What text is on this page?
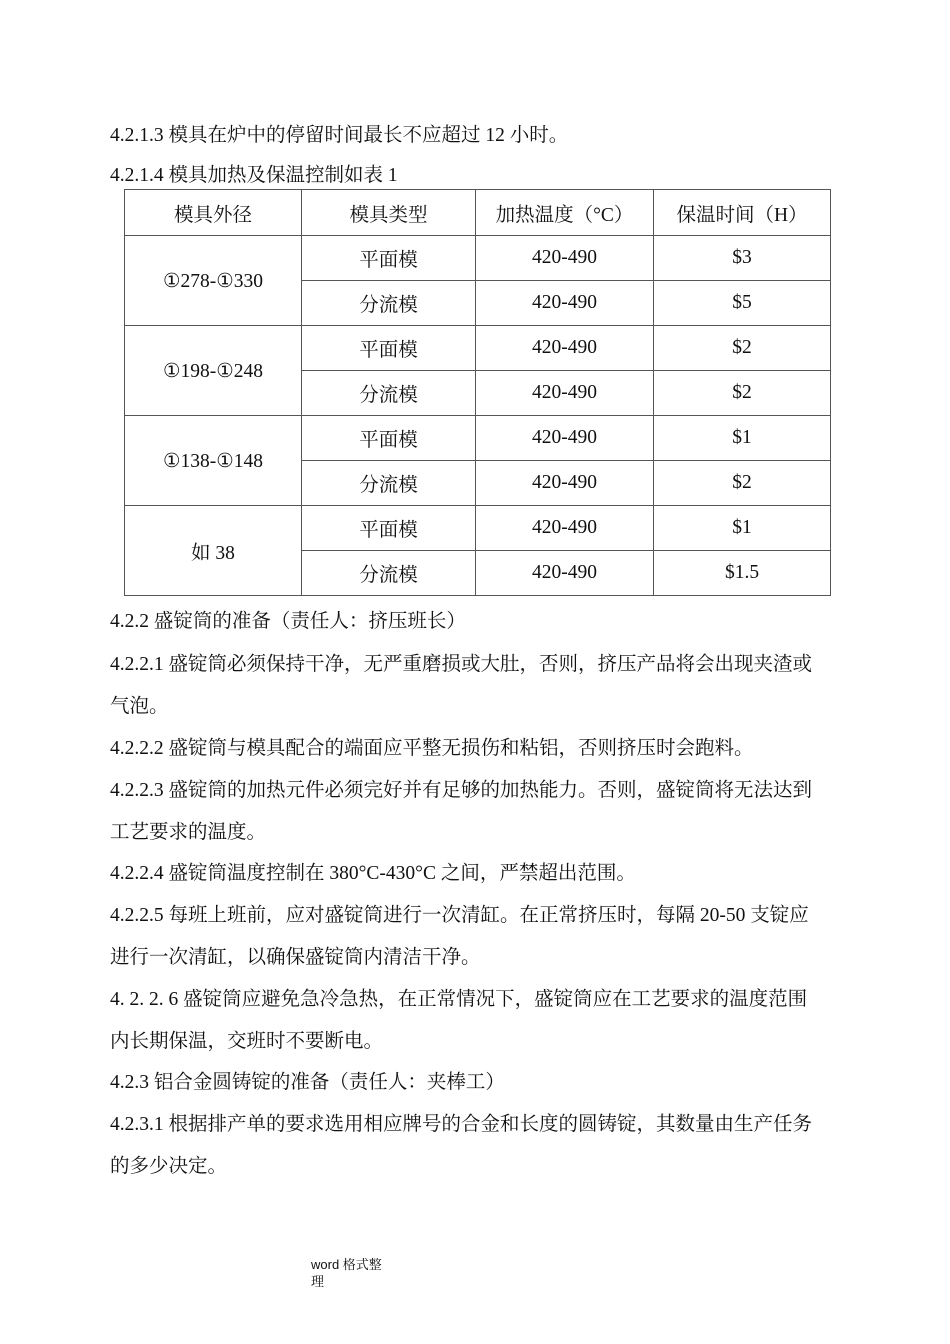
4.2.1.3 模具在炉中的停留时间最长不应超过 12 小时。
4.2.1.4 模具加热及保温控制如表 1
模具外径	模具类型	加热温度（°C）	保温时间（H）
①278-①330	平面模	420-490	$3
	分流模	420-490	$5
①198-①248	平面模	420-490	$2
	分流模	420-490	$2
①138-①148	平面模	420-490	$1
	分流模	420-490	$2
如 38	平面模	420-490	$1
	分流模	420-490	$1.5
4.2.2 盛锭筒的准备（责任人：挤压班长）
4.2.2.1 盛锭筒必须保持干净，无严重磨损或大肚，否则，挤压产品将会出现夹渣或
气泡。
4.2.2.2 盛锭筒与模具配合的端面应平整无损伤和粘铝，否则挤压时会跑料。
4.2.2.3 盛锭筒的加热元件必须完好并有足够的加热能力。否则，盛锭筒将无法达到
工艺要求的温度。
4.2.2.4 盛锭筒温度控制在 380°C-430°C 之间，严禁超出范围。
4.2.2.5 每班上班前，应对盛锭筒进行一次清缸。在正常挤压时，每隔 20-50 支锭应
进行一次清缸，以确保盛锭筒内清洁干净。
4. 2. 2. 6 盛锭筒应避免急冷急热，在正常情况下，盛锭筒应在工艺要求的温度范围
内长期保温，交班时不要断电。
4.2.3 铝合金圆铸锭的准备（责任人：夹棒工）
4.2.3.1 根据排产单的要求选用相应牌号的合金和长度的圆铸锭，其数量由生产任务
的多少决定。
word 格式整理
